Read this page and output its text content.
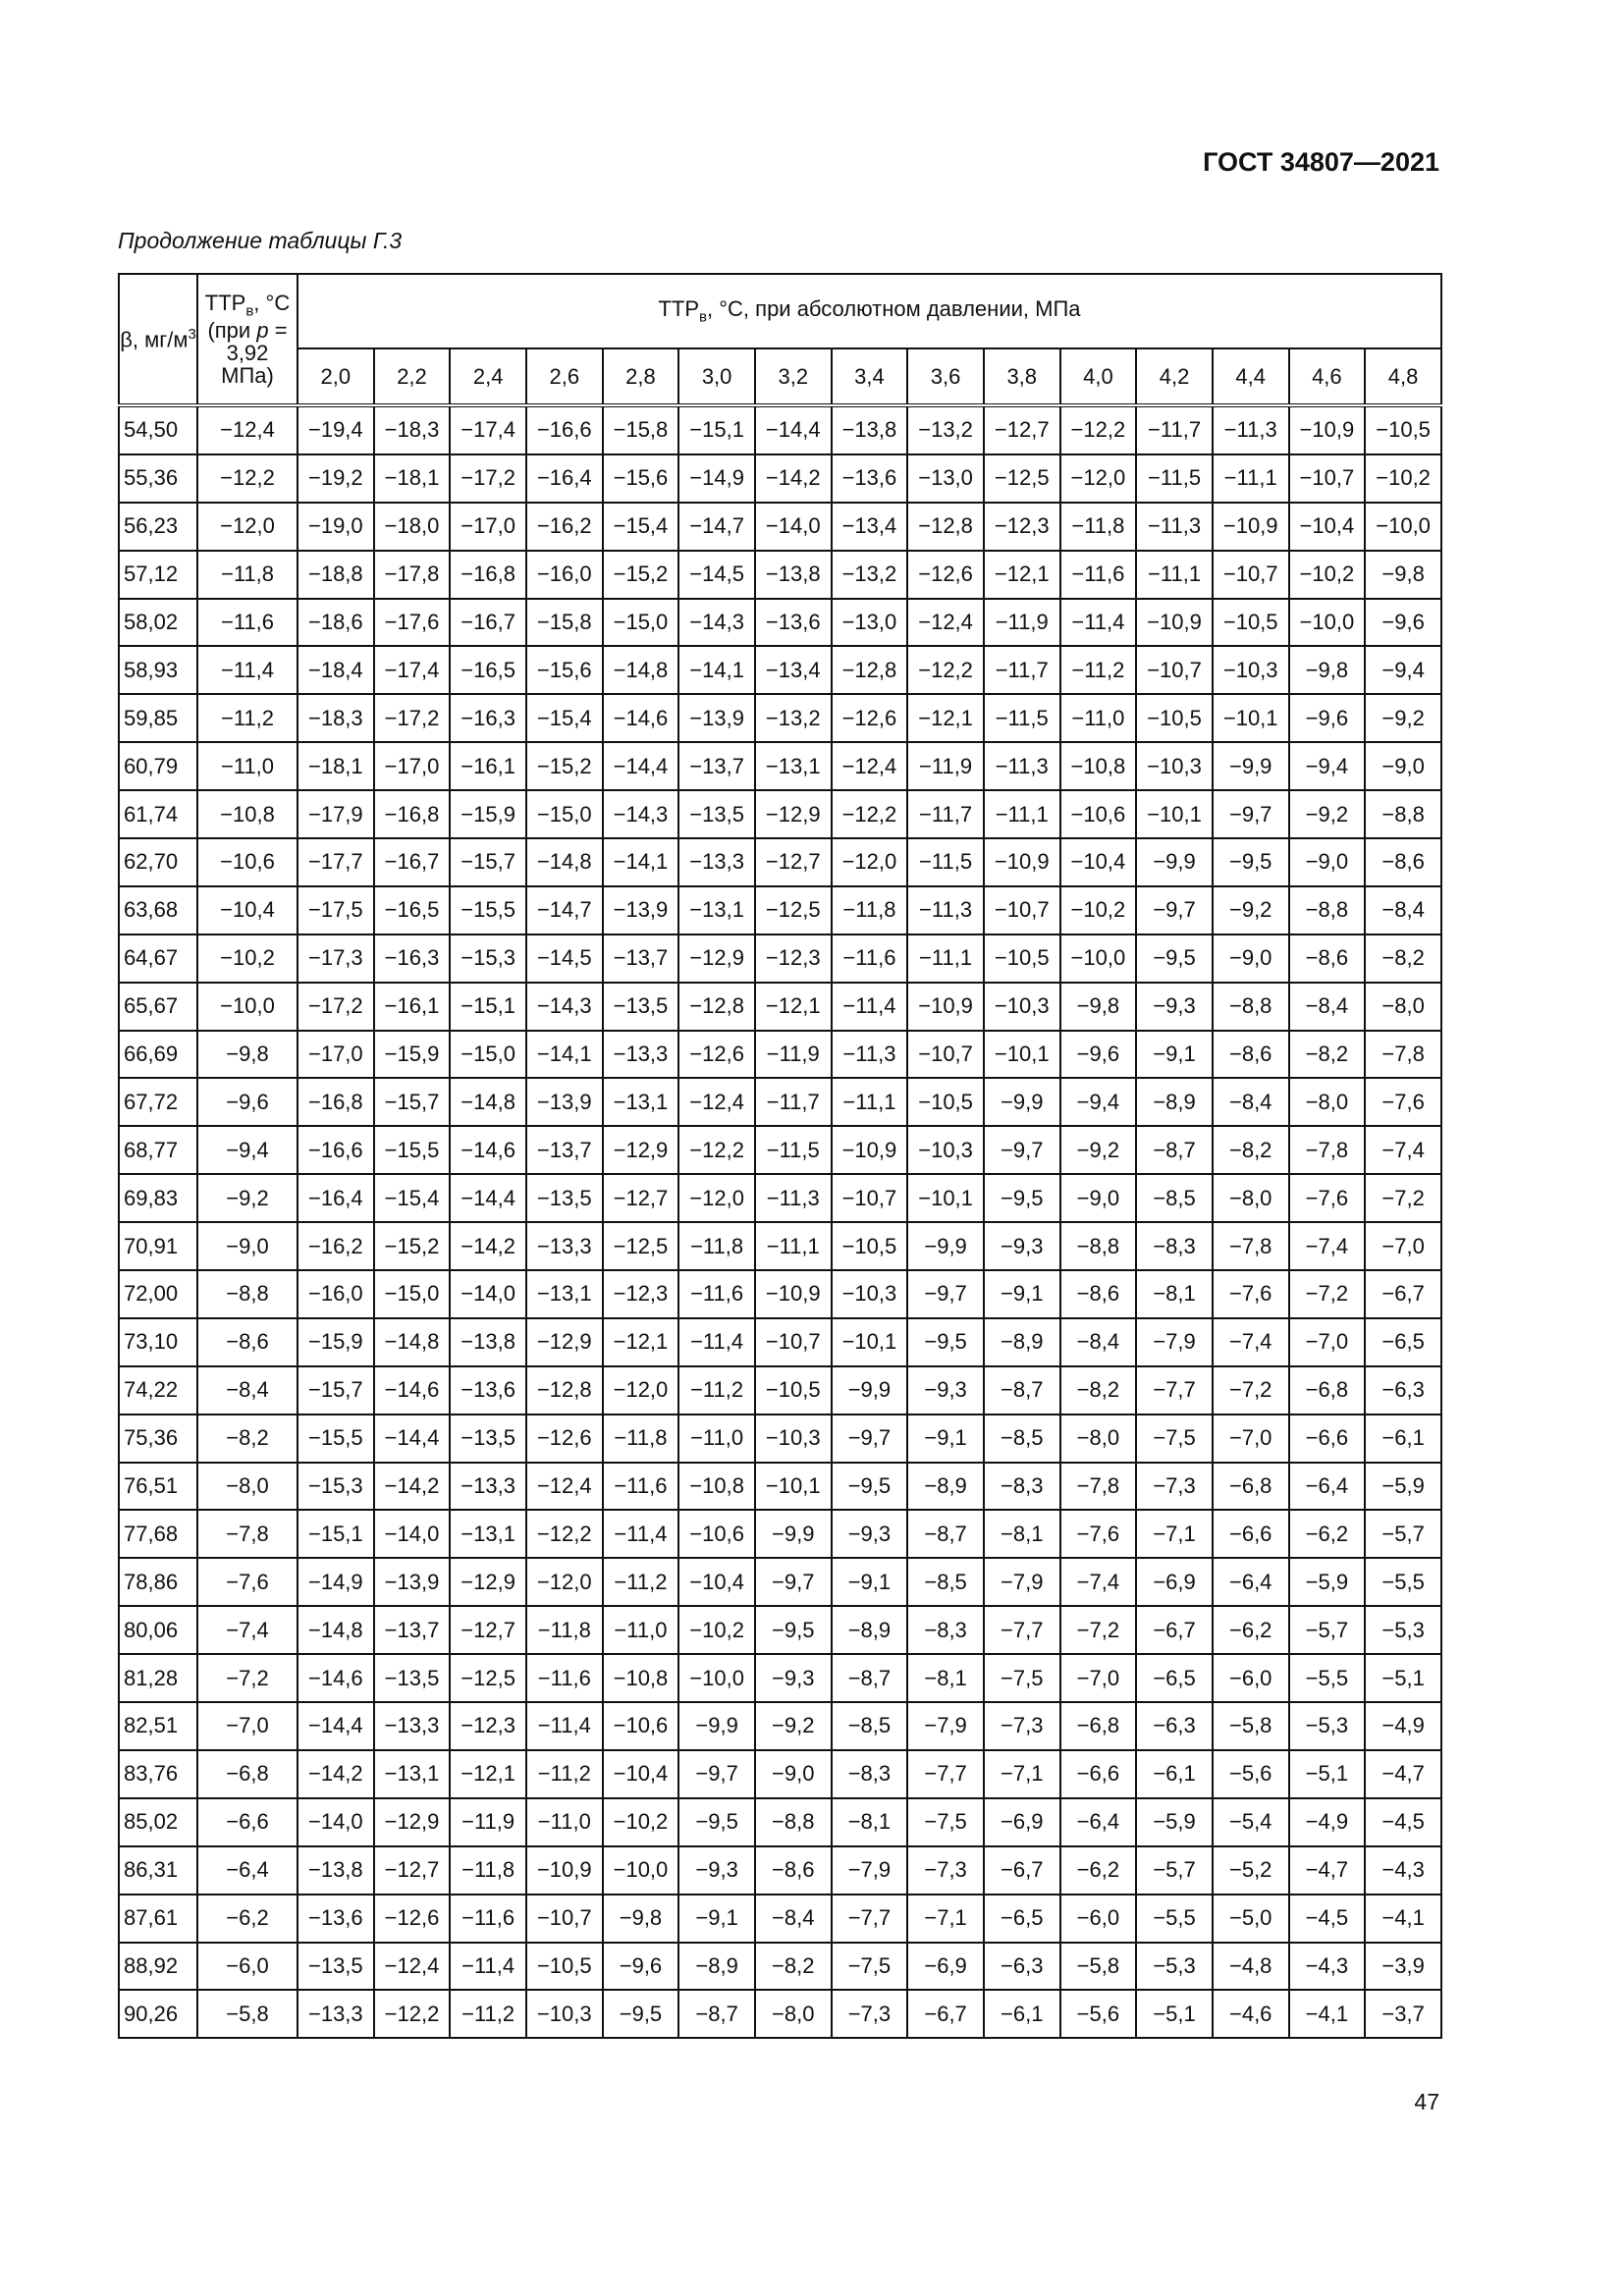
ГОСТ 34807—2021
Продолжение таблицы Г.3
β, $мг/м^3$	$ТТР_в$, °С (при p = 3,92 МПа)	$ТТР_в$, °С, при абсолютном давлении, МПа														
		2,0	2,2	2,4	2,6	2,8	3,0	3,2	3,4	3,6	3,8	4,0	4,2	4,4	4,6	4,8
54,50	−12,4	−19,4	−18,3	−17,4	−16,6	−15,8	−15,1	−14,4	−13,8	−13,2	−12,7	−12,2	−11,7	−11,3	−10,9	−10,5
55,36	−12,2	−19,2	−18,1	−17,2	−16,4	−15,6	−14,9	−14,2	−13,6	−13,0	−12,5	−12,0	−11,5	−11,1	−10,7	−10,2
56,23	−12,0	−19,0	−18,0	−17,0	−16,2	−15,4	−14,7	−14,0	−13,4	−12,8	−12,3	−11,8	−11,3	−10,9	−10,4	−10,0
57,12	−11,8	−18,8	−17,8	−16,8	−16,0	−15,2	−14,5	−13,8	−13,2	−12,6	−12,1	−11,6	−11,1	−10,7	−10,2	−9,8
58,02	−11,6	−18,6	−17,6	−16,7	−15,8	−15,0	−14,3	−13,6	−13,0	−12,4	−11,9	−11,4	−10,9	−10,5	−10,0	−9,6
58,93	−11,4	−18,4	−17,4	−16,5	−15,6	−14,8	−14,1	−13,4	−12,8	−12,2	−11,7	−11,2	−10,7	−10,3	−9,8	−9,4
59,85	−11,2	−18,3	−17,2	−16,3	−15,4	−14,6	−13,9	−13,2	−12,6	−12,1	−11,5	−11,0	−10,5	−10,1	−9,6	−9,2
60,79	−11,0	−18,1	−17,0	−16,1	−15,2	−14,4	−13,7	−13,1	−12,4	−11,9	−11,3	−10,8	−10,3	−9,9	−9,4	−9,0
61,74	−10,8	−17,9	−16,8	−15,9	−15,0	−14,3	−13,5	−12,9	−12,2	−11,7	−11,1	−10,6	−10,1	−9,7	−9,2	−8,8
62,70	−10,6	−17,7	−16,7	−15,7	−14,8	−14,1	−13,3	−12,7	−12,0	−11,5	−10,9	−10,4	−9,9	−9,5	−9,0	−8,6
63,68	−10,4	−17,5	−16,5	−15,5	−14,7	−13,9	−13,1	−12,5	−11,8	−11,3	−10,7	−10,2	−9,7	−9,2	−8,8	−8,4
64,67	−10,2	−17,3	−16,3	−15,3	−14,5	−13,7	−12,9	−12,3	−11,6	−11,1	−10,5	−10,0	−9,5	−9,0	−8,6	−8,2
65,67	−10,0	−17,2	−16,1	−15,1	−14,3	−13,5	−12,8	−12,1	−11,4	−10,9	−10,3	−9,8	−9,3	−8,8	−8,4	−8,0
66,69	−9,8	−17,0	−15,9	−15,0	−14,1	−13,3	−12,6	−11,9	−11,3	−10,7	−10,1	−9,6	−9,1	−8,6	−8,2	−7,8
67,72	−9,6	−16,8	−15,7	−14,8	−13,9	−13,1	−12,4	−11,7	−11,1	−10,5	−9,9	−9,4	−8,9	−8,4	−8,0	−7,6
68,77	−9,4	−16,6	−15,5	−14,6	−13,7	−12,9	−12,2	−11,5	−10,9	−10,3	−9,7	−9,2	−8,7	−8,2	−7,8	−7,4
69,83	−9,2	−16,4	−15,4	−14,4	−13,5	−12,7	−12,0	−11,3	−10,7	−10,1	−9,5	−9,0	−8,5	−8,0	−7,6	−7,2
70,91	−9,0	−16,2	−15,2	−14,2	−13,3	−12,5	−11,8	−11,1	−10,5	−9,9	−9,3	−8,8	−8,3	−7,8	−7,4	−7,0
72,00	−8,8	−16,0	−15,0	−14,0	−13,1	−12,3	−11,6	−10,9	−10,3	−9,7	−9,1	−8,6	−8,1	−7,6	−7,2	−6,7
73,10	−8,6	−15,9	−14,8	−13,8	−12,9	−12,1	−11,4	−10,7	−10,1	−9,5	−8,9	−8,4	−7,9	−7,4	−7,0	−6,5
74,22	−8,4	−15,7	−14,6	−13,6	−12,8	−12,0	−11,2	−10,5	−9,9	−9,3	−8,7	−8,2	−7,7	−7,2	−6,8	−6,3
75,36	−8,2	−15,5	−14,4	−13,5	−12,6	−11,8	−11,0	−10,3	−9,7	−9,1	−8,5	−8,0	−7,5	−7,0	−6,6	−6,1
76,51	−8,0	−15,3	−14,2	−13,3	−12,4	−11,6	−10,8	−10,1	−9,5	−8,9	−8,3	−7,8	−7,3	−6,8	−6,4	−5,9
77,68	−7,8	−15,1	−14,0	−13,1	−12,2	−11,4	−10,6	−9,9	−9,3	−8,7	−8,1	−7,6	−7,1	−6,6	−6,2	−5,7
78,86	−7,6	−14,9	−13,9	−12,9	−12,0	−11,2	−10,4	−9,7	−9,1	−8,5	−7,9	−7,4	−6,9	−6,4	−5,9	−5,5
80,06	−7,4	−14,8	−13,7	−12,7	−11,8	−11,0	−10,2	−9,5	−8,9	−8,3	−7,7	−7,2	−6,7	−6,2	−5,7	−5,3
81,28	−7,2	−14,6	−13,5	−12,5	−11,6	−10,8	−10,0	−9,3	−8,7	−8,1	−7,5	−7,0	−6,5	−6,0	−5,5	−5,1
82,51	−7,0	−14,4	−13,3	−12,3	−11,4	−10,6	−9,9	−9,2	−8,5	−7,9	−7,3	−6,8	−6,3	−5,8	−5,3	−4,9
83,76	−6,8	−14,2	−13,1	−12,1	−11,2	−10,4	−9,7	−9,0	−8,3	−7,7	−7,1	−6,6	−6,1	−5,6	−5,1	−4,7
85,02	−6,6	−14,0	−12,9	−11,9	−11,0	−10,2	−9,5	−8,8	−8,1	−7,5	−6,9	−6,4	−5,9	−5,4	−4,9	−4,5
86,31	−6,4	−13,8	−12,7	−11,8	−10,9	−10,0	−9,3	−8,6	−7,9	−7,3	−6,7	−6,2	−5,7	−5,2	−4,7	−4,3
87,61	−6,2	−13,6	−12,6	−11,6	−10,7	−9,8	−9,1	−8,4	−7,7	−7,1	−6,5	−6,0	−5,5	−5,0	−4,5	−4,1
88,92	−6,0	−13,5	−12,4	−11,4	−10,5	−9,6	−8,9	−8,2	−7,5	−6,9	−6,3	−5,8	−5,3	−4,8	−4,3	−3,9
90,26	−5,8	−13,3	−12,2	−11,2	−10,3	−9,5	−8,7	−8,0	−7,3	−6,7	−6,1	−5,6	−5,1	−4,6	−4,1	−3,7
47
